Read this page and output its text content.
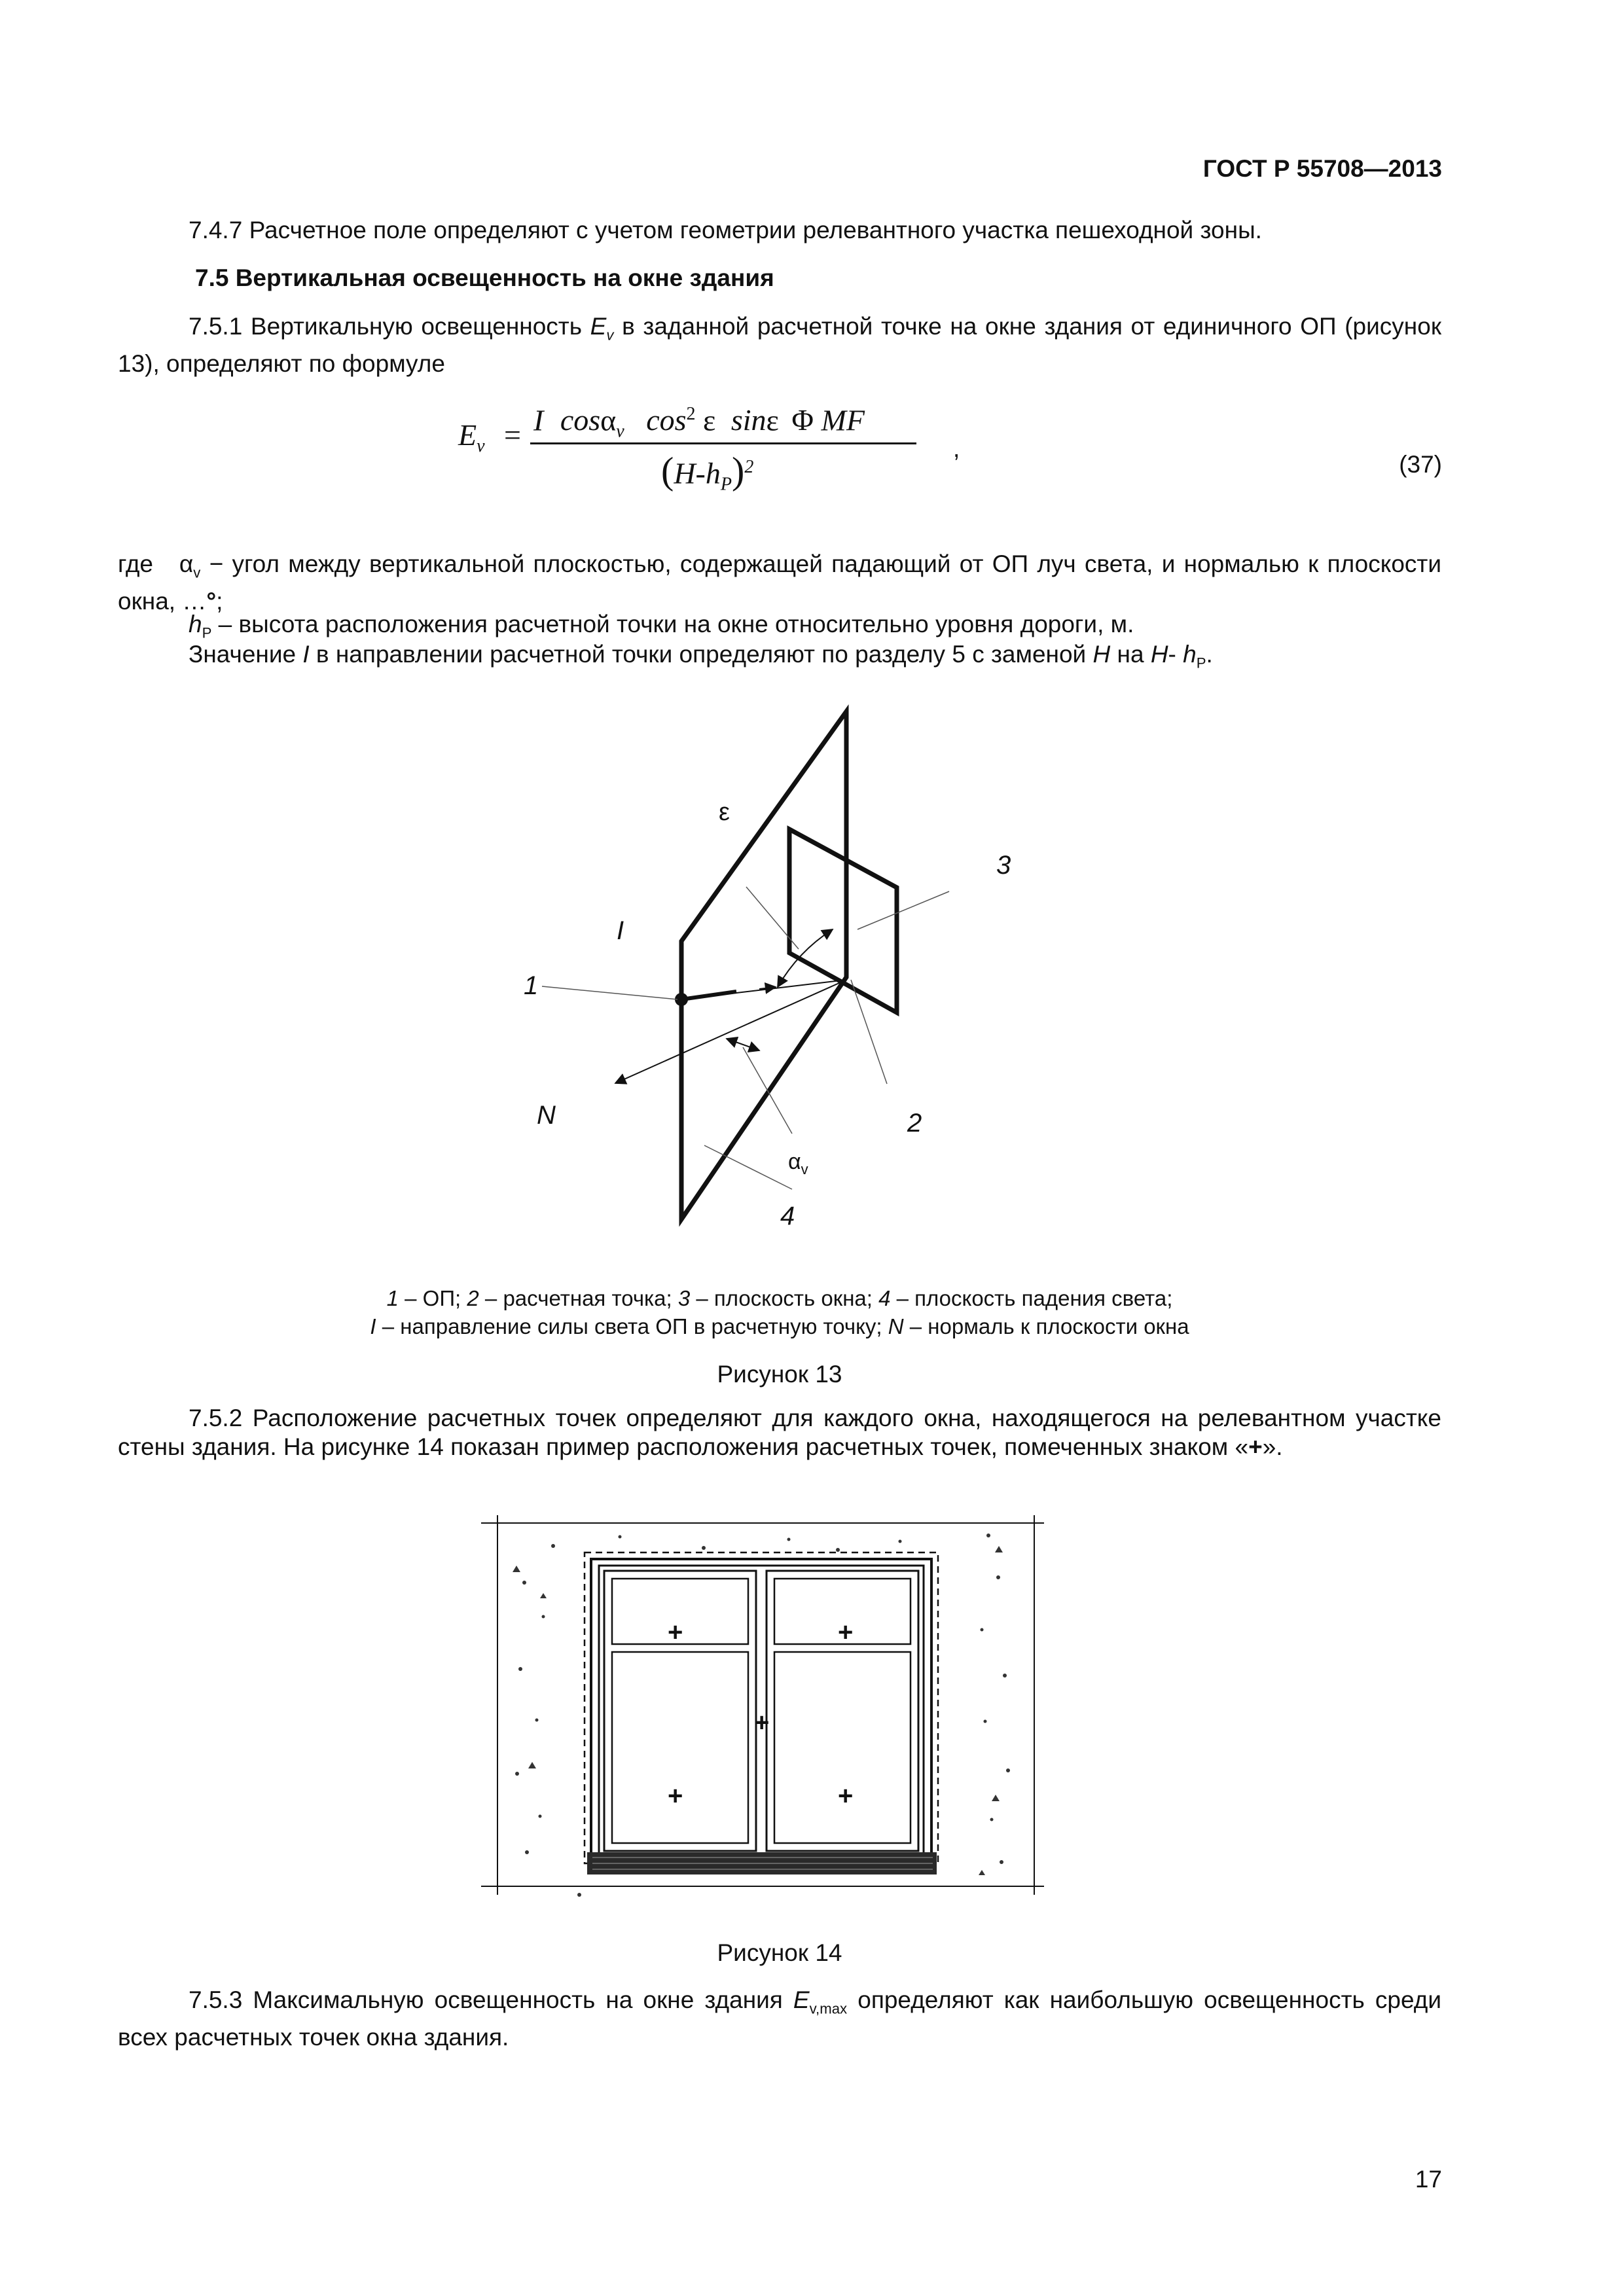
ГОСТ Р 55708—2013
7.4.7 Расчетное поле определяют с учетом геометрии релевантного участка пешеходной зоны.
7.5 Вертикальная освещенность на окне здания
7.5.1 Вертикальную освещенность $E_v$ в заданной расчетной точке на окне здания от единичного ОП (рисунок 13), определяют по формуле
$E_v = I$ cosα$_v$ $\cos^2 \varepsilon$ sinε Φ MF
$(H-h_P)^2$
,
(37)
где $\alpha_v$ − угол между вертикальной плоскостью, содержащей падающий от ОП луч света, и нормалью к плоскости окна, …°;
$h_P$ – высота расположения расчетной точки на окне относительно уровня дороги, м.
Значение I в направлении расчетной точки определяют по разделу 5 с заменой H на H- $h_P$.
ε
3
I
1
N	2
$\alpha_v$
4
1 – ОП; 2 – расчетная точка; 3 – плоскость окна; 4 – плоскость падения света;
I – направление силы света ОП в расчетную точку; N – нормаль к плоскости окна
Рисунок 13
7.5.2 Расположение расчетных точек определяют для каждого окна, находящегося на релевантном участке стены здания. На рисунке 14 показан пример расположения расчетных точек, помеченных знаком «+».
+	+
+
+	+
Рисунок 14
7.5.3 Максимальную освещенность на окне здания $E_{v,max}$ определяют как наибольшую освещенность среди всех расчетных точек окна здания.
17
